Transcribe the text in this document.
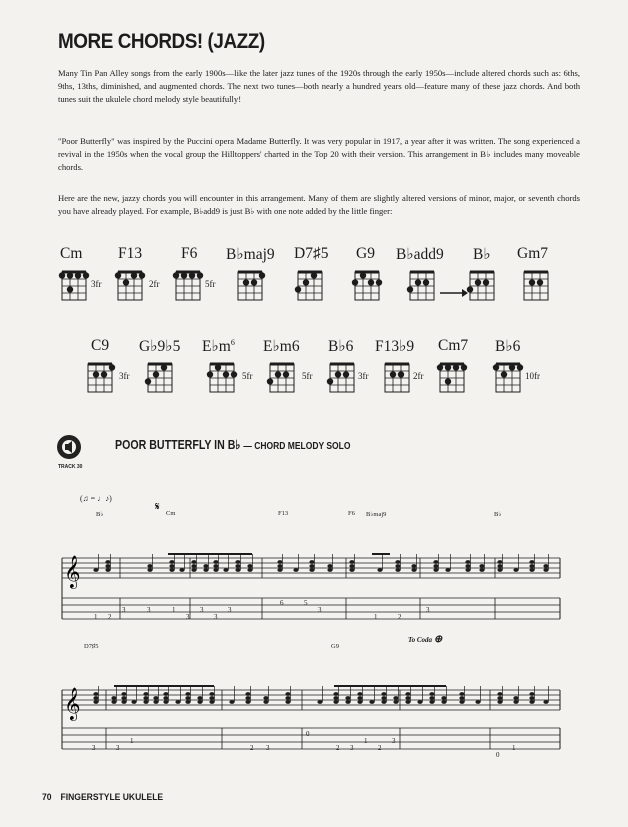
MORE CHORDS! (JAZZ)

Many Tin Pan Alley songs from the early 1900s—like the later jazz tunes of the 1920s through the early 1950s—include altered chords such as: 6ths, 9ths, 13ths, diminished, and augmented chords. The next two tunes—both nearly a hundred years old—feature many of these jazz chords. And both tunes suit the ukulele chord melody style beautifully!

"Poor Butterfly" was inspired by the Puccini opera Madame Butterfly. It was very popular in 1917, a year after it was written. The song experienced a revival in the 1950s when the vocal group the Hilltoppers' charted in the Top 20 with their version. This arrangement in B♭ includes many moveable chords.

Here are the new, jazzy chords you will encounter in this arrangement. Many of them are slightly altered versions of minor, major, or seventh chords you have already played. For example, B♭add9 is just B♭ with one note added by the little finger:

Cm F13	F6 B♭maj9 D7♯5 G9 B♭add9 B♭ Gm7
3fr	2fr	5fr
C9 G♭9♭5 $E♭m^6$ E♭m6 B♭6 F13♭9 Cm7 B♭6
3fr	5fr	5fr	3fr	2fr	10fr
TRACK 30
POOR BUTTERFLY IN B♭ — CHORD MELODY SOLO
(♫ = ♩♪)
B♭	Cm	F13	F6 B♭maj9	B♭
D7♯5	G9
To Coda ⊕
𝄞
𝄞
𝄋
1 2
3	3	1
3
3
3
3
6	5
3
1	2
3
3	3
1
2 3
0
2 3
1
2
3
0
1
70 FINGERSTYLE UKULELE
